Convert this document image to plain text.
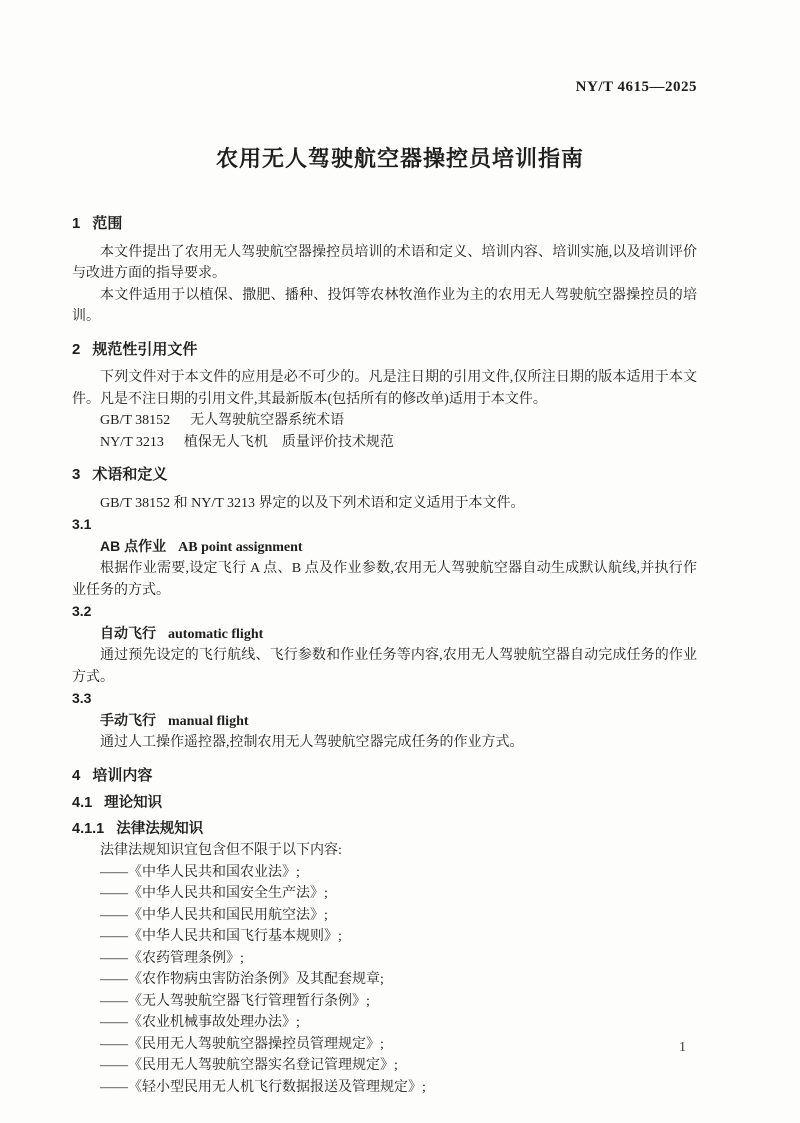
NY/T 4615—2025
农用无人驾驶航空器操控员培训指南
1 范围

本文件提出了农用无人驾驶航空器操控员培训的术语和定义、培训内容、培训实施,以及培训评价与改进方面的指导要求。

本文件适用于以植保、撒肥、播种、投饵等农林牧渔作业为主的农用无人驾驶航空器操控员的培训。

2 规范性引用文件

下列文件对于本文件的应用是必不可少的。凡是注日期的引用文件,仅所注日期的版本适用于本文件。凡是不注日期的引用文件,其最新版本(包括所有的修改单)适用于本文件。

GB/T 38152 无人驾驶航空器系统术语
NY/T 3213 植保无人飞机　质量评价技术规范
3 术语和定义

GB/T 38152 和 NY/T 3213 界定的以及下列术语和定义适用于本文件。

3.1
AB 点作业 AB point assignment

根据作业需要,设定飞行 A 点、B 点及作业参数,农用无人驾驶航空器自动生成默认航线,并执行作业任务的方式。

3.2
自动飞行 automatic flight

通过预先设定的飞行航线、飞行参数和作业任务等内容,农用无人驾驶航空器自动完成任务的作业方式。

3.3
手动飞行 manual flight

通过人工操作遥控器,控制农用无人驾驶航空器完成任务的作业方式。

4 培训内容
4.1 理论知识
4.1.1 法律法规知识

法律法规知识宜包含但不限于以下内容:

——《中华人民共和国农业法》;
——《中华人民共和国安全生产法》;
——《中华人民共和国民用航空法》;
——《中华人民共和国飞行基本规则》;
——《农药管理条例》;
——《农作物病虫害防治条例》及其配套规章;
——《无人驾驶航空器飞行管理暂行条例》;
——《农业机械事故处理办法》;
——《民用无人驾驶航空器操控员管理规定》;
——《民用无人驾驶航空器实名登记管理规定》;
——《轻小型民用无人机飞行数据报送及管理规定》;
1
